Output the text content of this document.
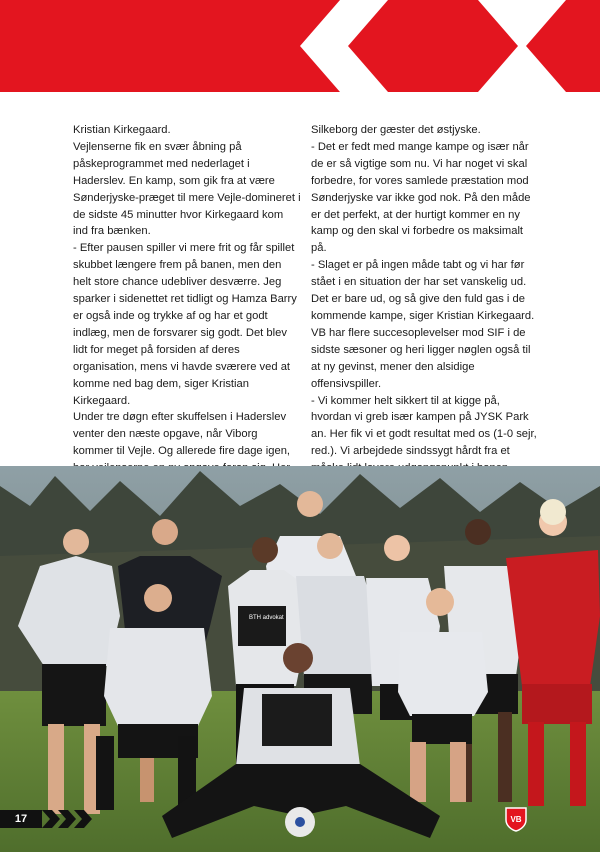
Kristian Kirkegaard.

Vejlenserne fik en svær åbning på påskeprogrammet med nederlaget i Haderslev. En kamp, som gik fra at være Sønderjyske-præget til mere Vejle-domineret i de sidste 45 minutter hvor Kirkegaard kom ind fra bænken.

- Efter pausen spiller vi mere frit og får spillet skubbet længere frem på banen, men den helt store chance udebliver desværre. Jeg sparker i sidenettet ret tidligt og Hamza Barry er også inde og trykke af og har et godt indlæg, men de forsvarer sig godt. Det blev lidt for meget på forsiden af deres organisation, mens vi havde sværere ved at komme ned bag dem, siger Kristian Kirkegaard.

Under tre døgn efter skuffelsen i Haderslev venter den næste opgave, når Viborg kommer til Vejle. Og allerede fire dage igen,

Silkeborg der gæster det østjyske.

- Det er fedt med mange kampe og især når de er så vigtige som nu. Vi har noget vi skal forbedre, for vores samlede præstation mod Sønderjyske var ikke god nok. På den måde er det perfekt, at der hurtigt kommer en ny kamp og den skal vi forbedre os maksimalt på.

- Slaget er på ingen måde tabt og vi har før stået i en situation der har set vanskelig ud. Det er bare ud, og så give den fuld gas i de kommende kampe, siger Kristian Kirkegaard. VB har flere succesoplevelser mod SIF i de sidste sæsoner og heri ligger nøglen også til at ny gevinst, mener den alsidige offensivspiller.

- Vi kommer helt sikkert til at kigge på, hvordan vi greb især kampen på JYSK Park an. Her fik vi et godt resultat med os (1-0 sejr, red.). Vi arbejdede sindssygt hårdt fra et

BTH advokat
17	VB
